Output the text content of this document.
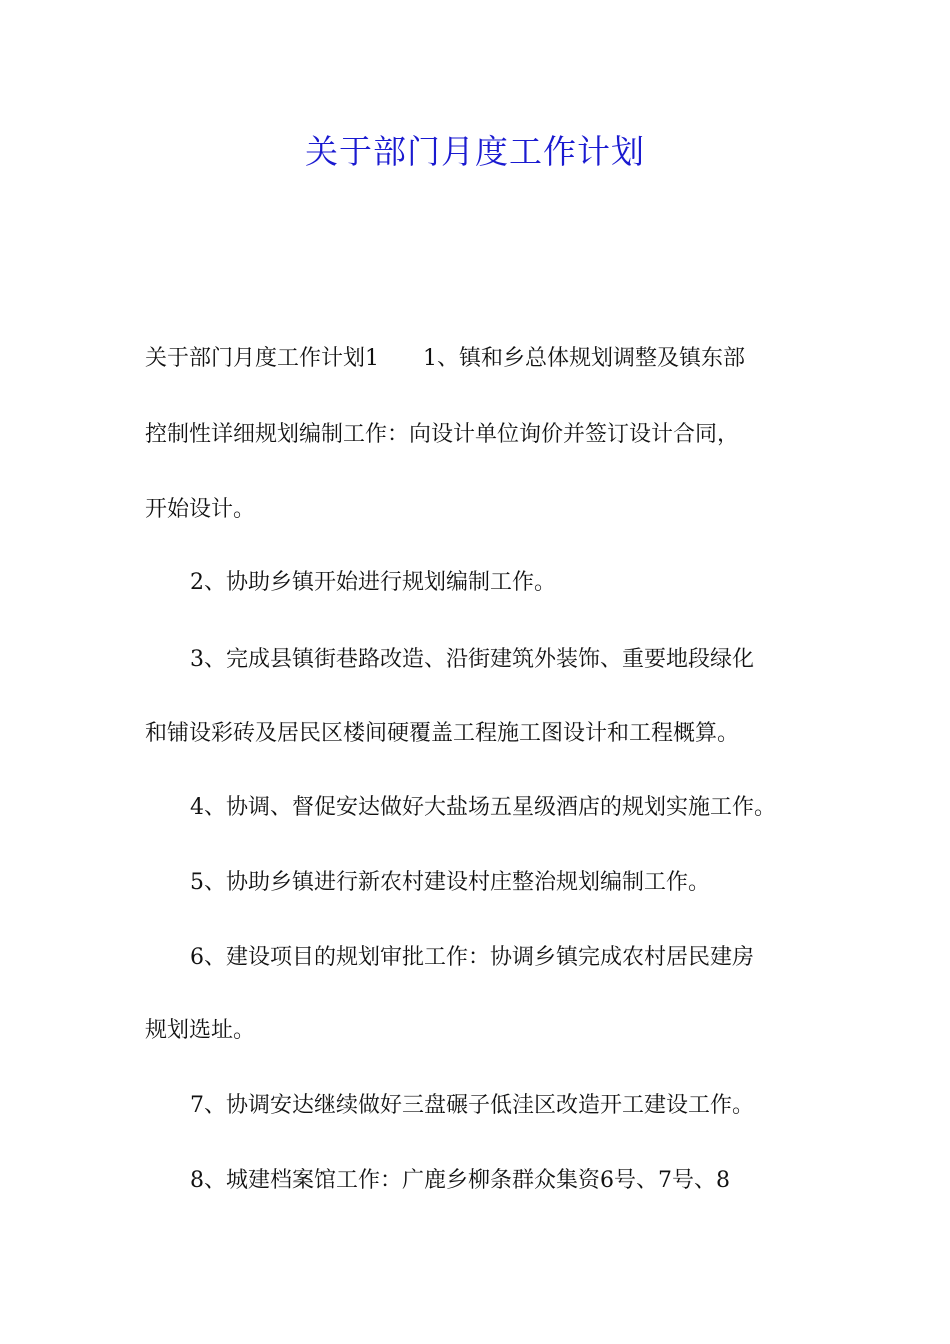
关于部门月度工作计划
关于部门月度工作计划1　　1、镇和乡总体规划调整及镇东部
控制性详细规划编制工作：向设计单位询价并签订设计合同，
开始设计。
2、协助乡镇开始进行规划编制工作。
3、完成县镇街巷路改造、沿街建筑外装饰、重要地段绿化
和铺设彩砖及居民区楼间硬覆盖工程施工图设计和工程概算。
4、协调、督促安达做好大盐场五星级酒店的规划实施工作。
5、协助乡镇进行新农村建设村庄整治规划编制工作。
6、建设项目的规划审批工作：协调乡镇完成农村居民建房
规划选址。
7、协调安达继续做好三盘碾子低洼区改造开工建设工作。
8、城建档案馆工作：广鹿乡柳条群众集资6号、7号、8
